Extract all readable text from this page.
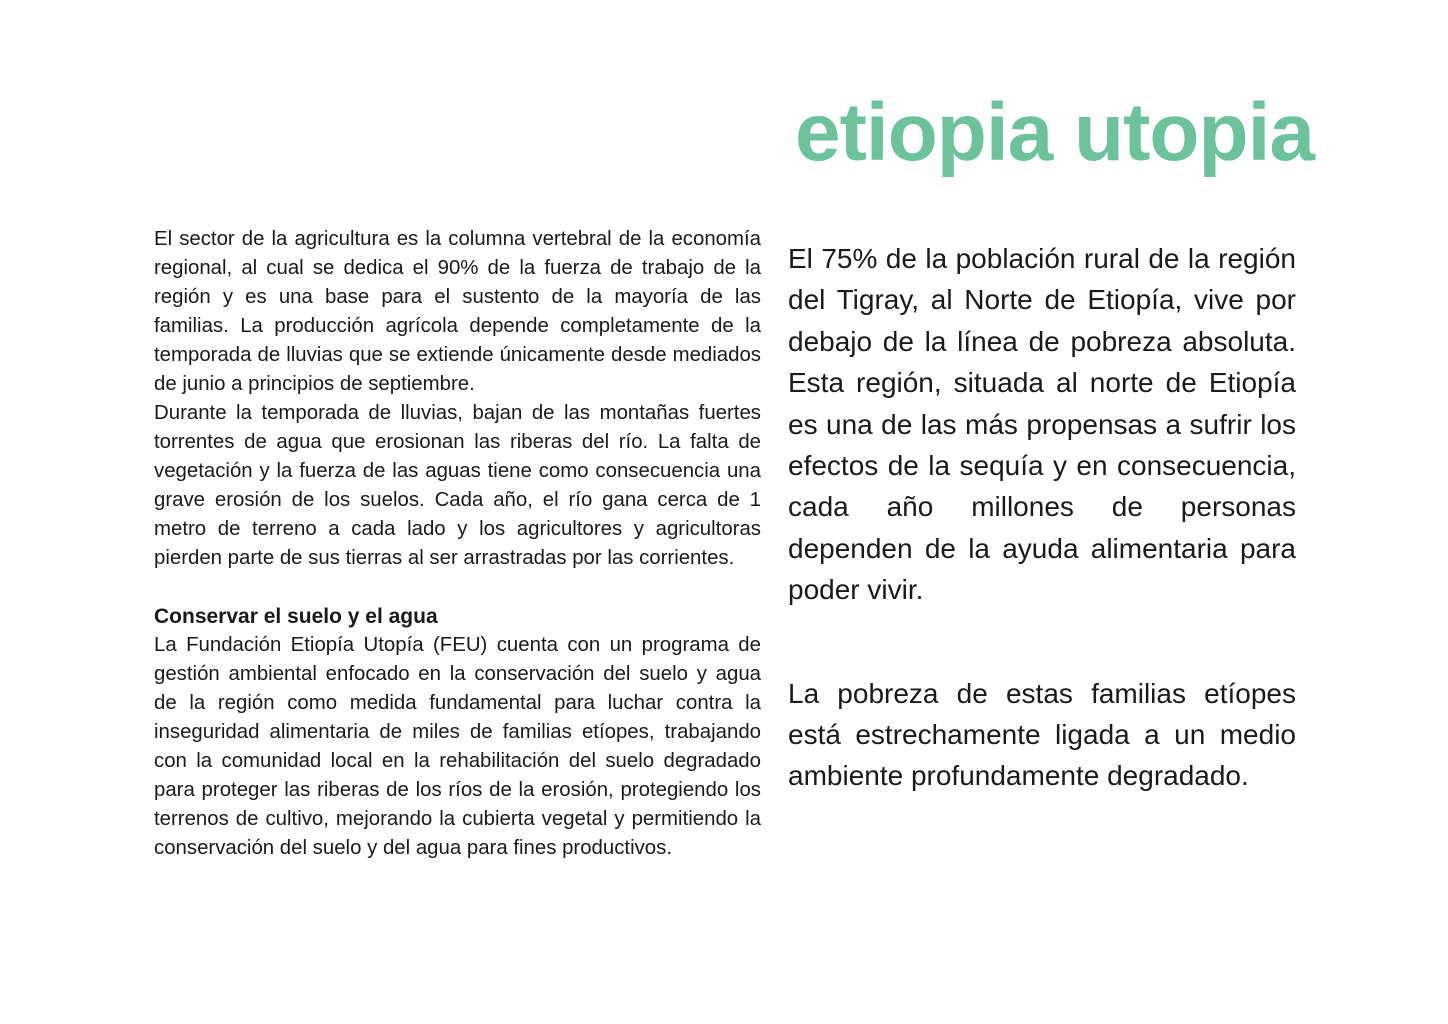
etiopia utopia

El sector de la agricultura es la columna vertebral de la economía regional, al cual se dedica el 90% de la fuerza de trabajo de la región y es una base para el sustento de la mayoría de las familias. La producción agrícola depende completamente de la temporada de lluvias que se extiende únicamente desde mediados de junio a principios de septiembre.

Durante la temporada de lluvias, bajan de las montañas fuertes torrentes de agua que erosionan las riberas del río. La falta de vegetación y la fuerza de las aguas tiene como consecuencia una grave erosión de los suelos. Cada año, el río gana cerca de 1 metro de terreno a cada lado y los agricultores y agricultoras pierden parte de sus tierras al ser arrastradas por las corrientes.

Conservar el suelo y el agua

La Fundación Etiopía Utopía (FEU) cuenta con un programa de gestión ambiental enfocado en la conservación del suelo y agua de la región como medida fundamental para luchar contra la inseguridad alimentaria de miles de familias etíopes, trabajando con la comunidad local en la rehabilitación del suelo degradado para proteger las riberas de los ríos de la erosión, protegiendo los terrenos de cultivo, mejorando la cubierta vegetal y permitiendo la conservación del suelo y del agua para fines productivos.

El 75% de la población rural de la región del Tigray, al Norte de Etiopía, vive por debajo de la línea de pobreza absoluta. Esta región, situada al norte de Etiopía es una de las más propensas a sufrir los efectos de la sequía y en consecuencia, cada año millones de personas dependen de la ayuda alimentaria para poder vivir.

La pobreza de estas familias etíopes está estrechamente ligada a un medio ambiente profundamente degradado.
